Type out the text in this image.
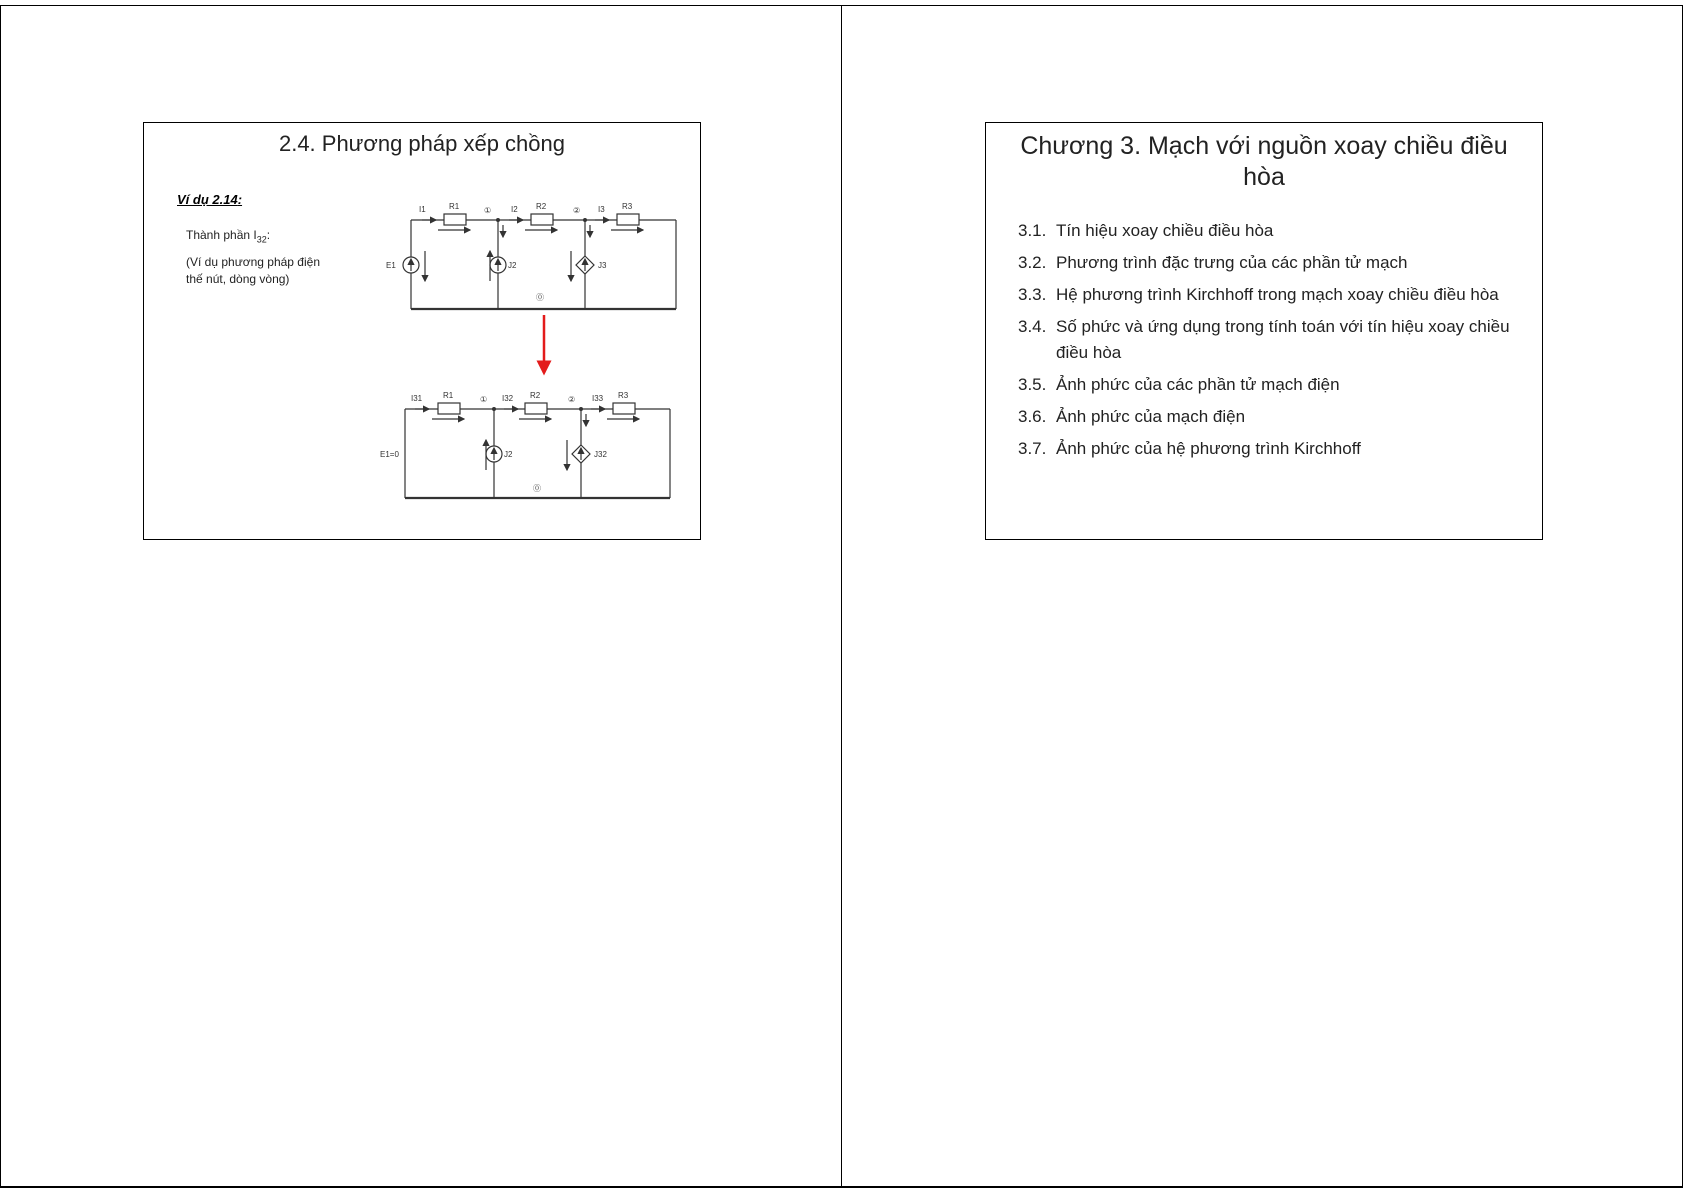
2.4. Phương pháp xếp chồng
Ví dụ 2.14:
Thành phần $I_{32}$:
(Ví dụ phương pháp điện
thế nút, dòng vòng)
I1	R1	① I2 R2	② I3 R3
E1	J2	J3
⓪
I31	R1	① I32 R2	② I33 R3
E1=0	J2	J32
⓪
Chương 3. Mạch với nguồn xoay chiều điều hòa
3.1. Tín hiệu xoay chiều điều hòa
3.2. Phương trình đặc trưng của các phần tử mạch
3.3. Hệ phương trình Kirchhoff trong mạch xoay chiều điều hòa
3.4. Số phức và ứng dụng trong tính toán với tín hiệu xoay chiều điều hòa
3.5. Ảnh phức của các phần tử mạch điện
3.6. Ảnh phức của mạch điện
3.7. Ảnh phức của hệ phương trình Kirchhoff
